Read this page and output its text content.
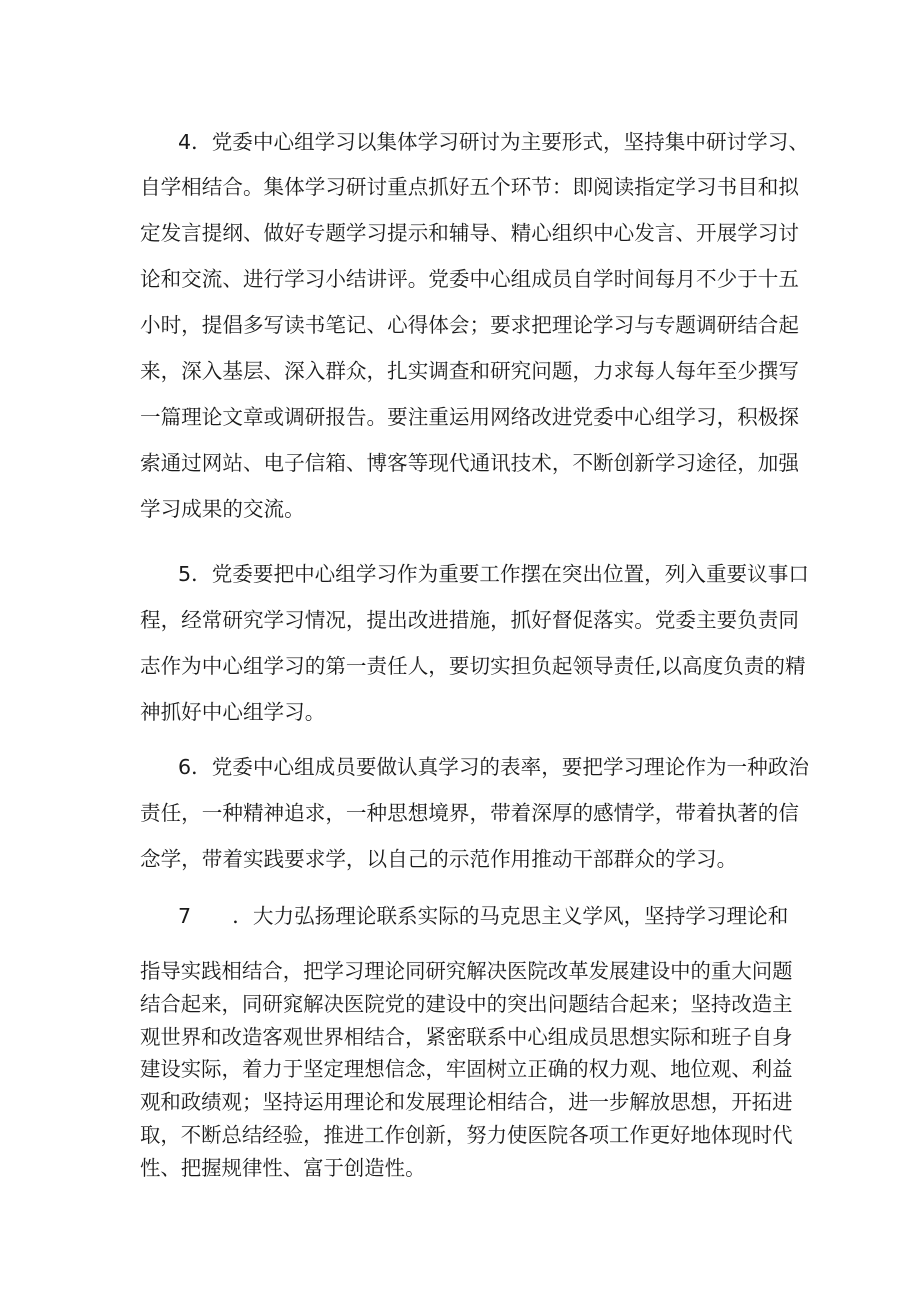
4．党委中心组学习以集体学习研讨为主要形式，坚持集中研讨学习、
自学相结合。集体学习研讨重点抓好五个环节：即阅读指定学习书目和拟
定发言提纲、做好专题学习提示和辅导、精心组织中心发言、开展学习讨
论和交流、进行学习小结讲评。党委中心组成员自学时间每月不少于十五
小时，提倡多写读书笔记、心得体会；要求把理论学习与专题调研结合起
来，深入基层、深入群众，扎实调查和研究问题，力求每人每年至少撰写
一篇理论文章或调研报告。要注重运用网络改进党委中心组学习，积极探
索通过网站、电子信箱、博客等现代通讯技术，不断创新学习途径，加强
学习成果的交流。
5．党委要把中心组学习作为重要工作摆在突出位置，列入重要议事口
程，经常研究学习情况，提出改进措施，抓好督促落实。党委主要负责同
志作为中心组学习的第一责任人，要切实担负起领导责任,以高度负责的精
神抓好中心组学习。
6．党委中心组成员要做认真学习的表率，要把学习理论作为一种政治
责任，一种精神追求，一种思想境界，带着深厚的感情学，带着执著的信
念学，带着实践要求学，以自己的示范作用推动干部群众的学习。
7　　．大力弘扬理论联系实际的马克思主义学风，坚持学习理论和
指导实践相结合，把学习理论同研究解决医院改革发展建设中的重大问题
结合起来，同研窕解决医院党的建设中的突出问题结合起来；坚持改造主
观世界和改造客观世界相结合，紧密联系中心组成员思想实际和班子自身
建设实际，着力于坚定理想信念，牢固树立正确的权力观、地位观、利益
观和政绩观；坚持运用理论和发展理论相结合，进一步解放思想，开拓进
取，不断总结经验，推进工作创新，努力使医院各项工作更好地体现时代
性、把握规律性、富于创造性。
